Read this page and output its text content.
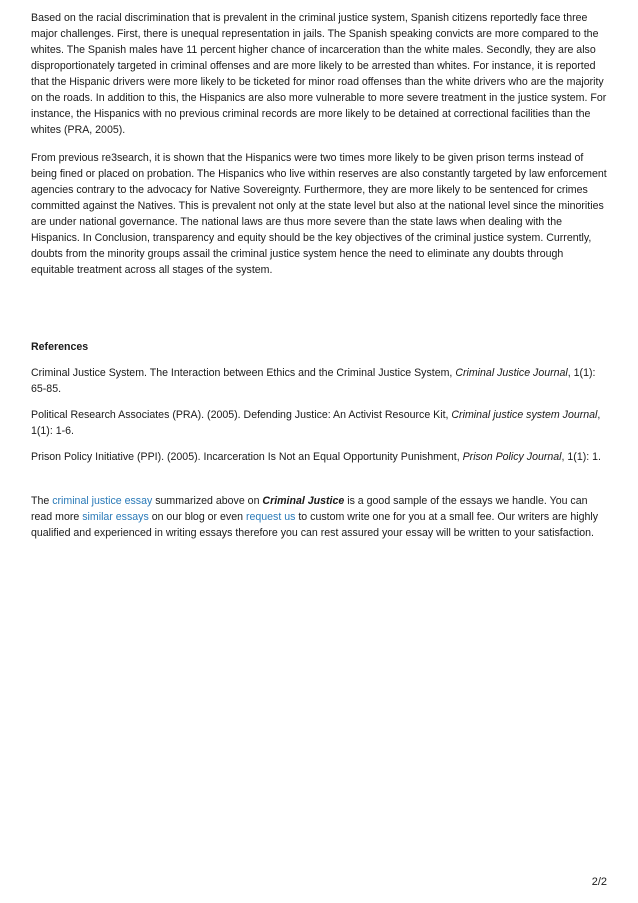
Based on the racial discrimination that is prevalent in the criminal justice system, Spanish citizens reportedly face three major challenges. First, there is unequal representation in jails. The Spanish speaking convicts are more compared to the whites. The Spanish males have 11 percent higher chance of incarceration than the white males. Secondly, they are also disproportionately targeted in criminal offenses and are more likely to be arrested than whites. For instance, it is reported that the Hispanic drivers were more likely to be ticketed for minor road offenses than the white drivers who are the majority on the roads. In addition to this, the Hispanics are also more vulnerable to more severe treatment in the justice system. For instance, the Hispanics with no previous criminal records are more likely to be detained at correctional facilities than the whites (PRA, 2005).

From previous re3search, it is shown that the Hispanics were two times more likely to be given prison terms instead of being fined or placed on probation. The Hispanics who live within reserves are also constantly targeted by law enforcement agencies contrary to the advocacy for Native Sovereignty. Furthermore, they are more likely to be sentenced for crimes committed against the Natives. This is prevalent not only at the state level but also at the national level since the minorities are under national governance. The national laws are thus more severe than the state laws when dealing with the Hispanics. In Conclusion, transparency and equity should be the key objectives of the criminal justice system. Currently, doubts from the minority groups assail the criminal justice system hence the need to eliminate any doubts through equitable treatment across all stages of the system.

References

Criminal Justice System. The Interaction between Ethics and the Criminal Justice System, Criminal Justice Journal, 1(1): 65-85.

Political Research Associates (PRA). (2005). Defending Justice: An Activist Resource Kit, Criminal justice system Journal, 1(1): 1-6.

Prison Policy Initiative (PPI). (2005). Incarceration Is Not an Equal Opportunity Punishment, Prison Policy Journal, 1(1): 1.

The criminal justice essay summarized above on Criminal Justice is a good sample of the essays we handle. You can read more similar essays on our blog or even request us to custom write one for you at a small fee. Our writers are highly qualified and experienced in writing essays therefore you can rest assured your essay will be written to your satisfaction.

2/2
